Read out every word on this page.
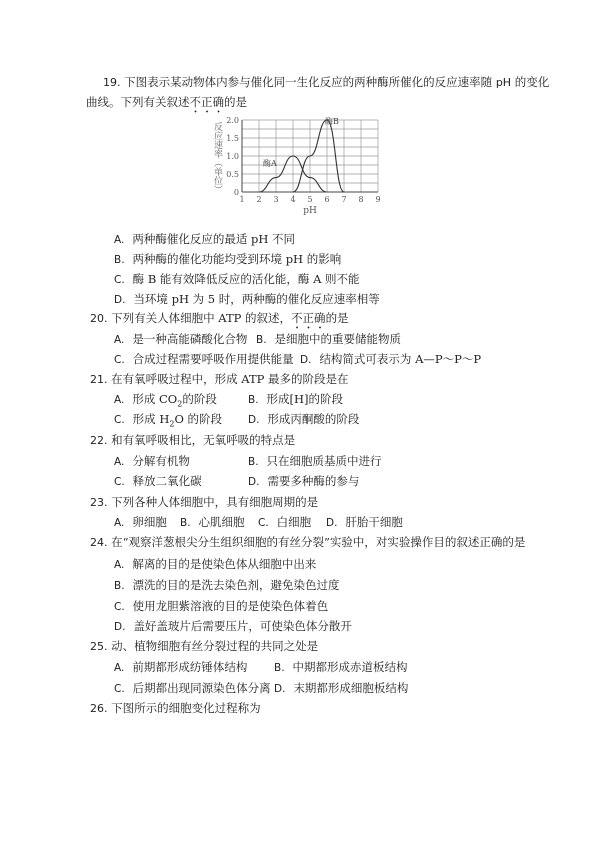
19. 下图表示某动物体内参与催化同一生化反应的两种酶所催化的反应速率随 pH 的变化
曲线。下列有关叙述不正确的是
1 2 3 4 5 6 7 8 9
0
0.5
1.0
1.5
2.0
pH
反应速率（单位）	酶A
酶B
A. 两种酶催化反应的最适 pH 不同
B. 两种酶的催化功能均受到环境 pH 的影响
C. 酶 B 能有效降低反应的活化能，酶 A 则不能
D. 当环境 pH 为 5 时，两种酶的催化反应速率相等
20. 下列有关人体细胞中 ATP 的叙述，不正确的是
A. 是一种高能磷酸化合物 B. 是细胞中的重要储能物质
C. 合成过程需要呼吸作用提供能量 D. 结构简式可表示为 A—P～P～P
21. 在有氧呼吸过程中，形成 ATP 最多的阶段是在
A. 形成 $CO_2$的阶段	B. 形成[H]的阶段
C. 形成 $H_2O$ 的阶段 D. 形成丙酮酸的阶段
22. 和有氧呼吸相比，无氧呼吸的特点是
A. 分解有机物	B. 只在细胞质基质中进行
C. 释放二氧化碳	D. 需要多种酶的参与
23. 下列各种人体细胞中，具有细胞周期的是
A. 卵细胞 B. 心肌细胞 C. 白细胞 D. 肝胎干细胞
24. 在“观察洋葱根尖分生组织细胞的有丝分裂”实验中，对实验操作目的叙述正确的是
A. 解离的目的是使染色体从细胞中出来
B. 漂洗的目的是洗去染色剂，避免染色过度
C. 使用龙胆紫溶液的目的是使染色体着色
D. 盖好盖玻片后需要压片，可使染色体分散开
25. 动、植物细胞有丝分裂过程的共同之处是
A. 前期都形成纺锤体结构	B. 中期都形成赤道板结构
C. 后期都出现同源染色体分离 D. 末期都形成细胞板结构
26. 下图所示的细胞变化过程称为
